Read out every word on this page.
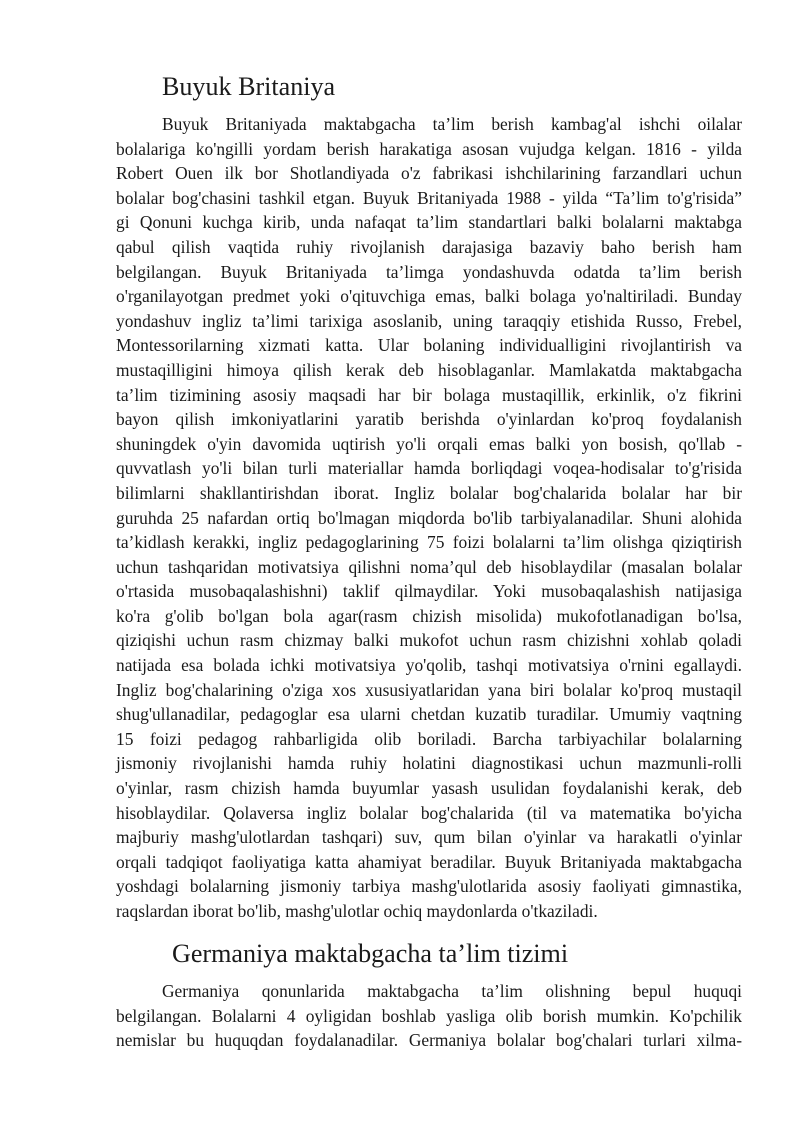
Buyuk Britaniya
Buyuk Britaniyada maktabgacha ta’lim berish kambag'al ishchi oilalar
bolalariga ko'ngilli yordam berish harakatiga asosan vujudga kelgan. 1816 - yilda
Robert Ouen ilk bor Shotlandiyada o'z fabrikasi ishchilarining farzandlari uchun
bolalar bog'chasini tashkil etgan. Buyuk Britaniyada 1988 - yilda “Ta’lim to'g'risida”
gi Qonuni kuchga kirib, unda nafaqat ta’lim standartlari balki bolalarni maktabga
qabul qilish vaqtida ruhiy rivojlanish darajasiga bazaviy baho berish ham
belgilangan. Buyuk Britaniyada ta’limga yondashuvda odatda ta’lim berish
o'rganilayotgan predmet yoki o'qituvchiga emas, balki bolaga yo'naltiriladi. Bunday
yondashuv ingliz ta’limi tarixiga asoslanib, uning taraqqiy etishida Russo, Frebel,
Montessorilarning xizmati katta. Ular bolaning individualligini rivojlantirish va
mustaqilligini himoya qilish kerak deb hisoblaganlar. Mamlakatda maktabgacha
ta’lim tizimining asosiy maqsadi har bir bolaga mustaqillik, erkinlik, o'z fikrini
bayon qilish imkoniyatlarini yaratib berishda o'yinlardan ko'proq foydalanish
shuningdek o'yin davomida uqtirish yo'li orqali emas balki yon bosish, qo'llab -
quvvatlash yo'li bilan turli materiallar hamda borliqdagi voqea-hodisalar to'g'risida
bilimlarni shakllantirishdan iborat. Ingliz bolalar bog'chalarida bolalar har bir
guruhda 25 nafardan ortiq bo'lmagan miqdorda bo'lib tarbiyalanadilar. Shuni alohida
ta’kidlash kerakki, ingliz pedagoglarining 75 foizi bolalarni ta’lim olishga qiziqtirish
uchun tashqaridan motivatsiya qilishni noma’qul deb hisoblaydilar (masalan bolalar
o'rtasida musobaqalashishni) taklif qilmaydilar. Yoki musobaqalashish natijasiga
ko'ra g'olib bo'lgan bola agar(rasm chizish misolida) mukofotlanadigan bo'lsa,
qiziqishi uchun rasm chizmay balki mukofot uchun rasm chizishni xohlab qoladi
natijada esa bolada ichki motivatsiya yo'qolib, tashqi motivatsiya o'rnini egallaydi.
Ingliz bog'chalarining o'ziga xos xususiyatlaridan yana biri bolalar ko'proq mustaqil
shug'ullanadilar, pedagoglar esa ularni chetdan kuzatib turadilar. Umumiy vaqtning
15 foizi pedagog rahbarligida olib boriladi. Barcha tarbiyachilar bolalarning
jismoniy rivojlanishi hamda ruhiy holatini diagnostikasi uchun mazmunli-rolli
o'yinlar, rasm chizish hamda buyumlar yasash usulidan foydalanishi kerak, deb
hisoblaydilar. Qolaversa ingliz bolalar bog'chalarida (til va matematika bo'yicha
majburiy mashg'ulotlardan tashqari) suv, qum bilan o'yinlar va harakatli o'yinlar
orqali tadqiqot faoliyatiga katta ahamiyat beradilar. Buyuk Britaniyada maktabgacha
yoshdagi bolalarning jismoniy tarbiya mashg'ulotlarida asosiy faoliyati gimnastika,
raqslardan iborat bo'lib, mashg'ulotlar ochiq maydonlarda o'tkaziladi.
Germaniya maktabgacha ta’lim tizimi
Germaniya qonunlarida maktabgacha ta’lim olishning bepul huquqi
belgilangan. Bolalarni 4 oyligidan boshlab yasliga olib borish mumkin. Ko'pchilik
nemislar bu huquqdan foydalanadilar. Germaniya bolalar bog'chalari turlari xilma-
